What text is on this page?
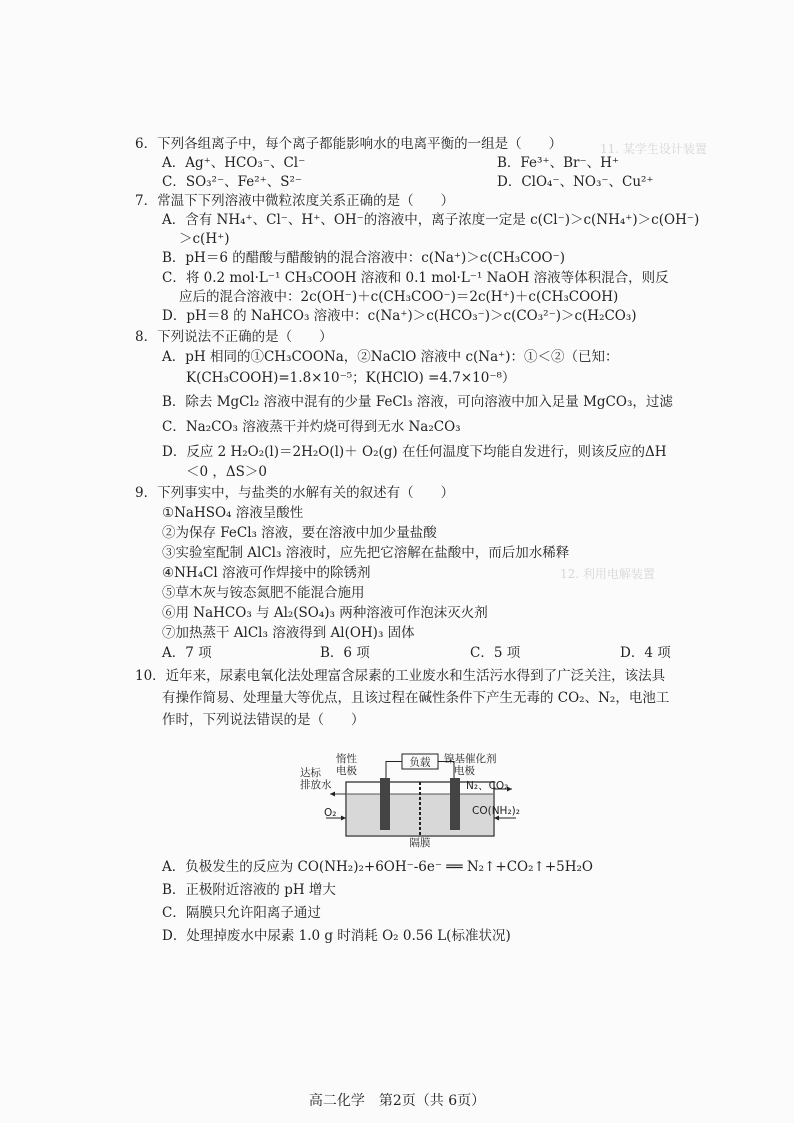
11. 某学生设计装置
12. 利用电解装置
6．下列各组离子中，每个离子都能影响水的电离平衡的一组是（　　）
A．Ag⁺、HCO₃⁻、Cl⁻	B．Fe³⁺、Br⁻、H⁺
C．SO₃²⁻、Fe²⁺、S²⁻	D．ClO₄⁻、NO₃⁻、Cu²⁺
7．常温下下列溶液中微粒浓度关系正确的是（　　）
A．含有 NH₄⁺、Cl⁻、H⁺、OH⁻的溶液中，离子浓度一定是 c(Cl⁻)＞c(NH₄⁺)＞c(OH⁻)
＞c(H⁺)
B．pH＝6 的醋酸与醋酸钠的混合溶液中：c(Na⁺)＞c(CH₃COO⁻)
C．将 0.2 mol·L⁻¹ CH₃COOH 溶液和 0.1 mol·L⁻¹ NaOH 溶液等体积混合，则反
应后的混合溶液中：2c(OH⁻)＋c(CH₃COO⁻)＝2c(H⁺)＋c(CH₃COOH)
D．pH＝8 的 NaHCO₃ 溶液中：c(Na⁺)＞c(HCO₃⁻)＞c(CO₃²⁻)＞c(H₂CO₃)
8．下列说法不正确的是（　　）
A．pH 相同的①CH₃COONa，②NaClO 溶液中 c(Na⁺)：①＜②（已知：
K(CH₃COOH)=1.8×10⁻⁵；K(HClO) =4.7×10⁻⁸）
B．除去 MgCl₂ 溶液中混有的少量 FeCl₃ 溶液，可向溶液中加入足量 MgCO₃，过滤
C．Na₂CO₃ 溶液蒸干并灼烧可得到无水 Na₂CO₃
D．反应 2 H₂O₂(l)＝2H₂O(l)＋ O₂(g) 在任何温度下均能自发进行，则该反应的ΔH
＜0 ，ΔS＞0
9．下列事实中，与盐类的水解有关的叙述有（　　）
①NaHSO₄ 溶液呈酸性
②为保存 FeCl₃ 溶液，要在溶液中加少量盐酸
③实验室配制 AlCl₃ 溶液时，应先把它溶解在盐酸中，而后加水稀释
④NH₄Cl 溶液可作焊接中的除锈剂
⑤草木灰与铵态氮肥不能混合施用
⑥用 NaHCO₃ 与 Al₂(SO₄)₃ 两种溶液可作泡沫灭火剂
⑦加热蒸干 AlCl₃ 溶液得到 Al(OH)₃ 固体
A．7 项	B．6 项	C．5 项	D．4 项
10．近年来，尿素电氧化法处理富含尿素的工业废水和生活污水得到了广泛关注，该法具
有操作简易、处理量大等优点，且该过程在碱性条件下产生无毒的 CO₂、N₂，电池工
作时，下列说法错误的是（　　）
负载
惰性
电极
镍基催化剂
电极
达标
排放水	N₂、CO₂
O₂	CO(NH₂)₂
隔膜
A．负极发生的反应为 CO(NH₂)₂+6OH⁻-6e⁻ ══ N₂↑+CO₂↑+5H₂O
B．正极附近溶液的 pH 增大
C．隔膜只允许阳离子通过
D．处理掉废水中尿素 1.0 g 时消耗 O₂ 0.56 L(标准状况)
高二化学　第2页（共 6页）
